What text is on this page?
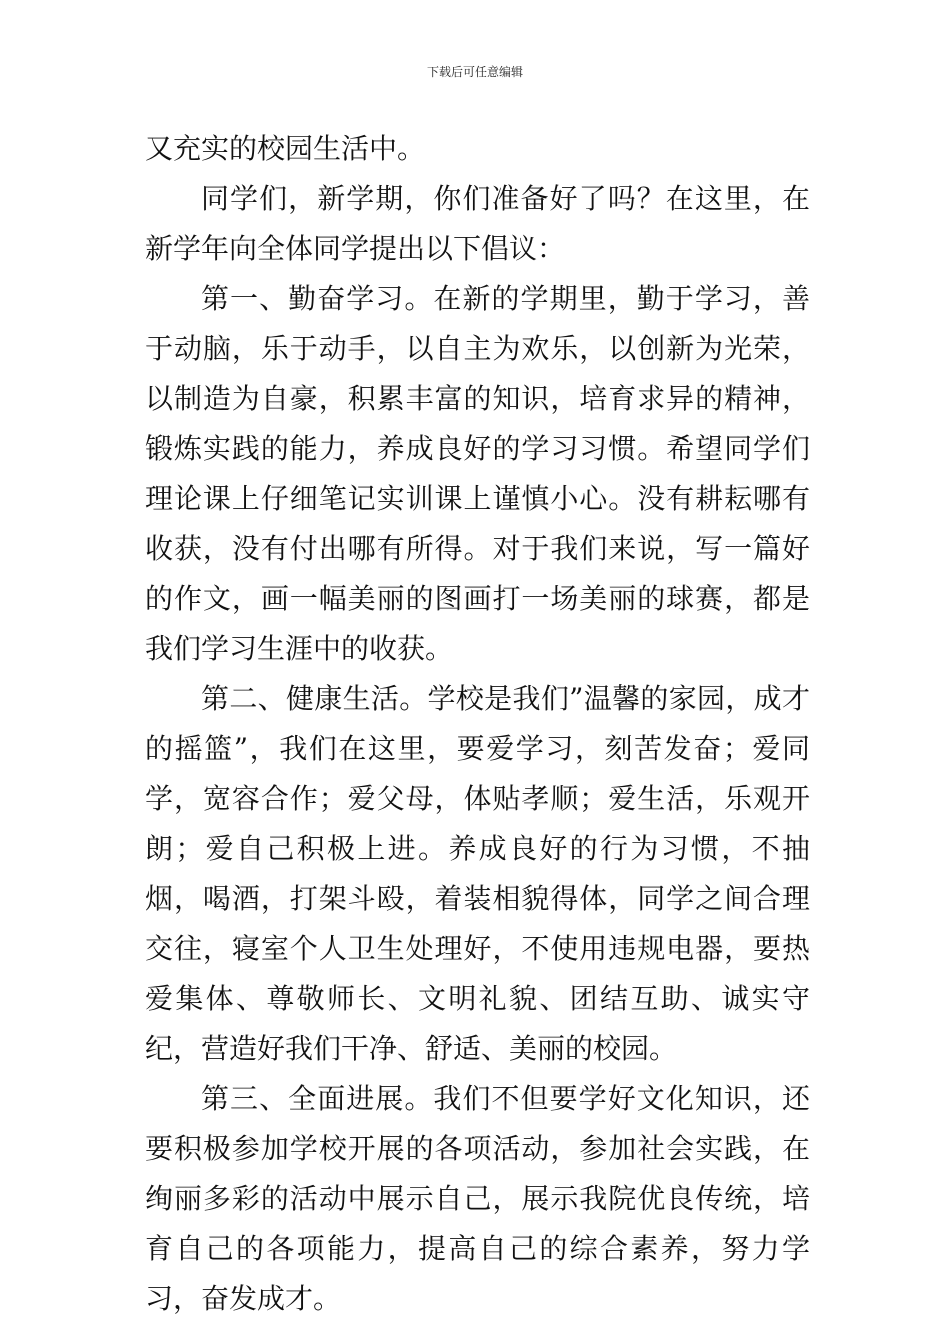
下载后可任意编辑

又充实的校园生活中。

同学们，新学期，你们准备好了吗？在这里，在新学年向全体同学提出以下倡议：

第一、勤奋学习。在新的学期里，勤于学习，善于动脑，乐于动手，以自主为欢乐，以创新为光荣，以制造为自豪，积累丰富的知识，培育求异的精神，锻炼实践的能力，养成良好的学习习惯。希望同学们理论课上仔细笔记实训课上谨慎小心。没有耕耘哪有收获，没有付出哪有所得。对于我们来说，写一篇好的作文，画一幅美丽的图画打一场美丽的球赛，都是我们学习生涯中的收获。

第二、健康生活。学校是我们”温馨的家园，成才的摇篮”，我们在这里，要爱学习，刻苦发奋；爱同学，宽容合作；爱父母，体贴孝顺；爱生活，乐观开朗；爱自己积极上进。养成良好的行为习惯，不抽烟，喝酒，打架斗殴，着装相貌得体，同学之间合理交往，寝室个人卫生处理好，不使用违规电器，要热爱集体、尊敬师长、文明礼貌、团结互助、诚实守纪，营造好我们干净、舒适、美丽的校园。

第三、全面进展。我们不但要学好文化知识，还要积极参加学校开展的各项活动，参加社会实践，在绚丽多彩的活动中展示自己，展示我院优良传统，培育自己的各项能力，提高自己的综合素养，努力学习，奋发成才。
